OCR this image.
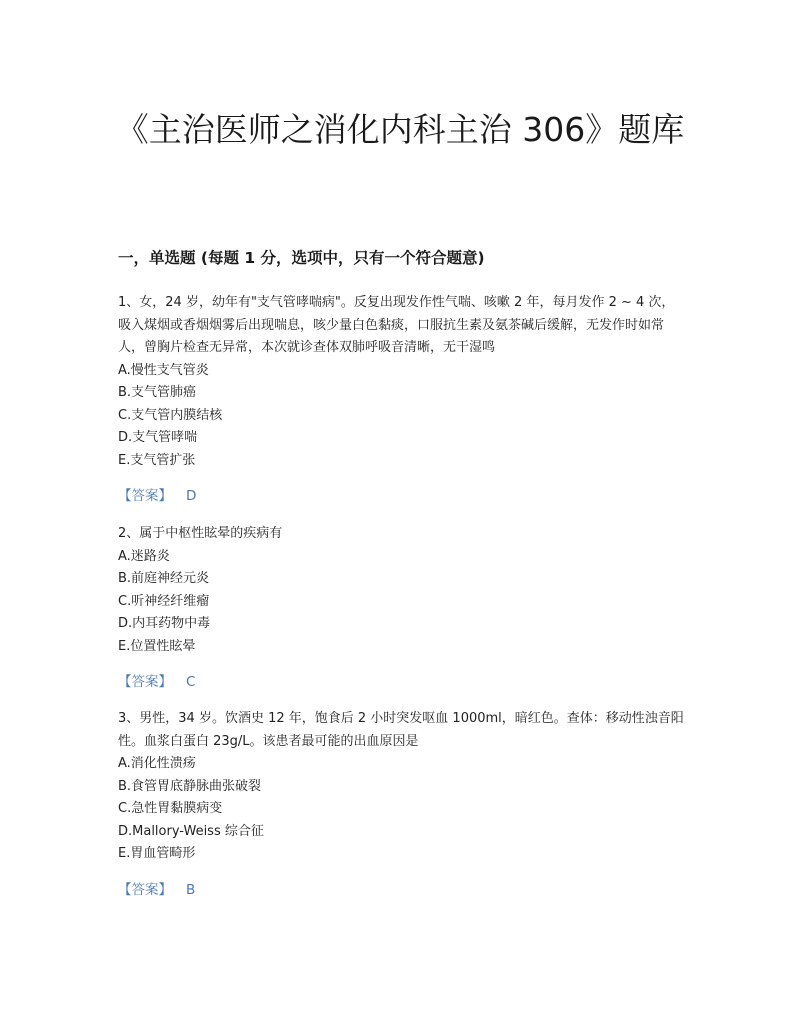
《主治医师之消化内科主治 306》题库
一，单选题 (每题 1 分，选项中，只有一个符合题意)

1、女，24 岁，幼年有"支气管哮喘病"。反复出现发作性气喘、咳嗽 2 年，每月发作 2 ~ 4 次，吸入煤烟或香烟烟雾后出现喘息，咳少量白色黏痰，口服抗生素及氨茶碱后缓解，无发作时如常人，曾胸片检查无异常，本次就诊查体双肺呼吸音清晰，无干湿鸣

A.慢性支气管炎

B.支气管肺癌

C.支气管内膜结核

D.支气管哮喘

E.支气管扩张

【答案】 D

2、属于中枢性眩晕的疾病有

A.迷路炎

B.前庭神经元炎

C.听神经纤维瘤

D.内耳药物中毒

E.位置性眩晕

【答案】 C

3、男性，34 岁。饮酒史 12 年，饱食后 2 小时突发呕血 1000ml，暗红色。查体：移动性浊音阳性。血浆白蛋白 23g/L。该患者最可能的出血原因是

A.消化性溃疡

B.食管胃底静脉曲张破裂

C.急性胃黏膜病变

D.Mallory-Weiss 综合征

E.胃血管畸形

【答案】 B
